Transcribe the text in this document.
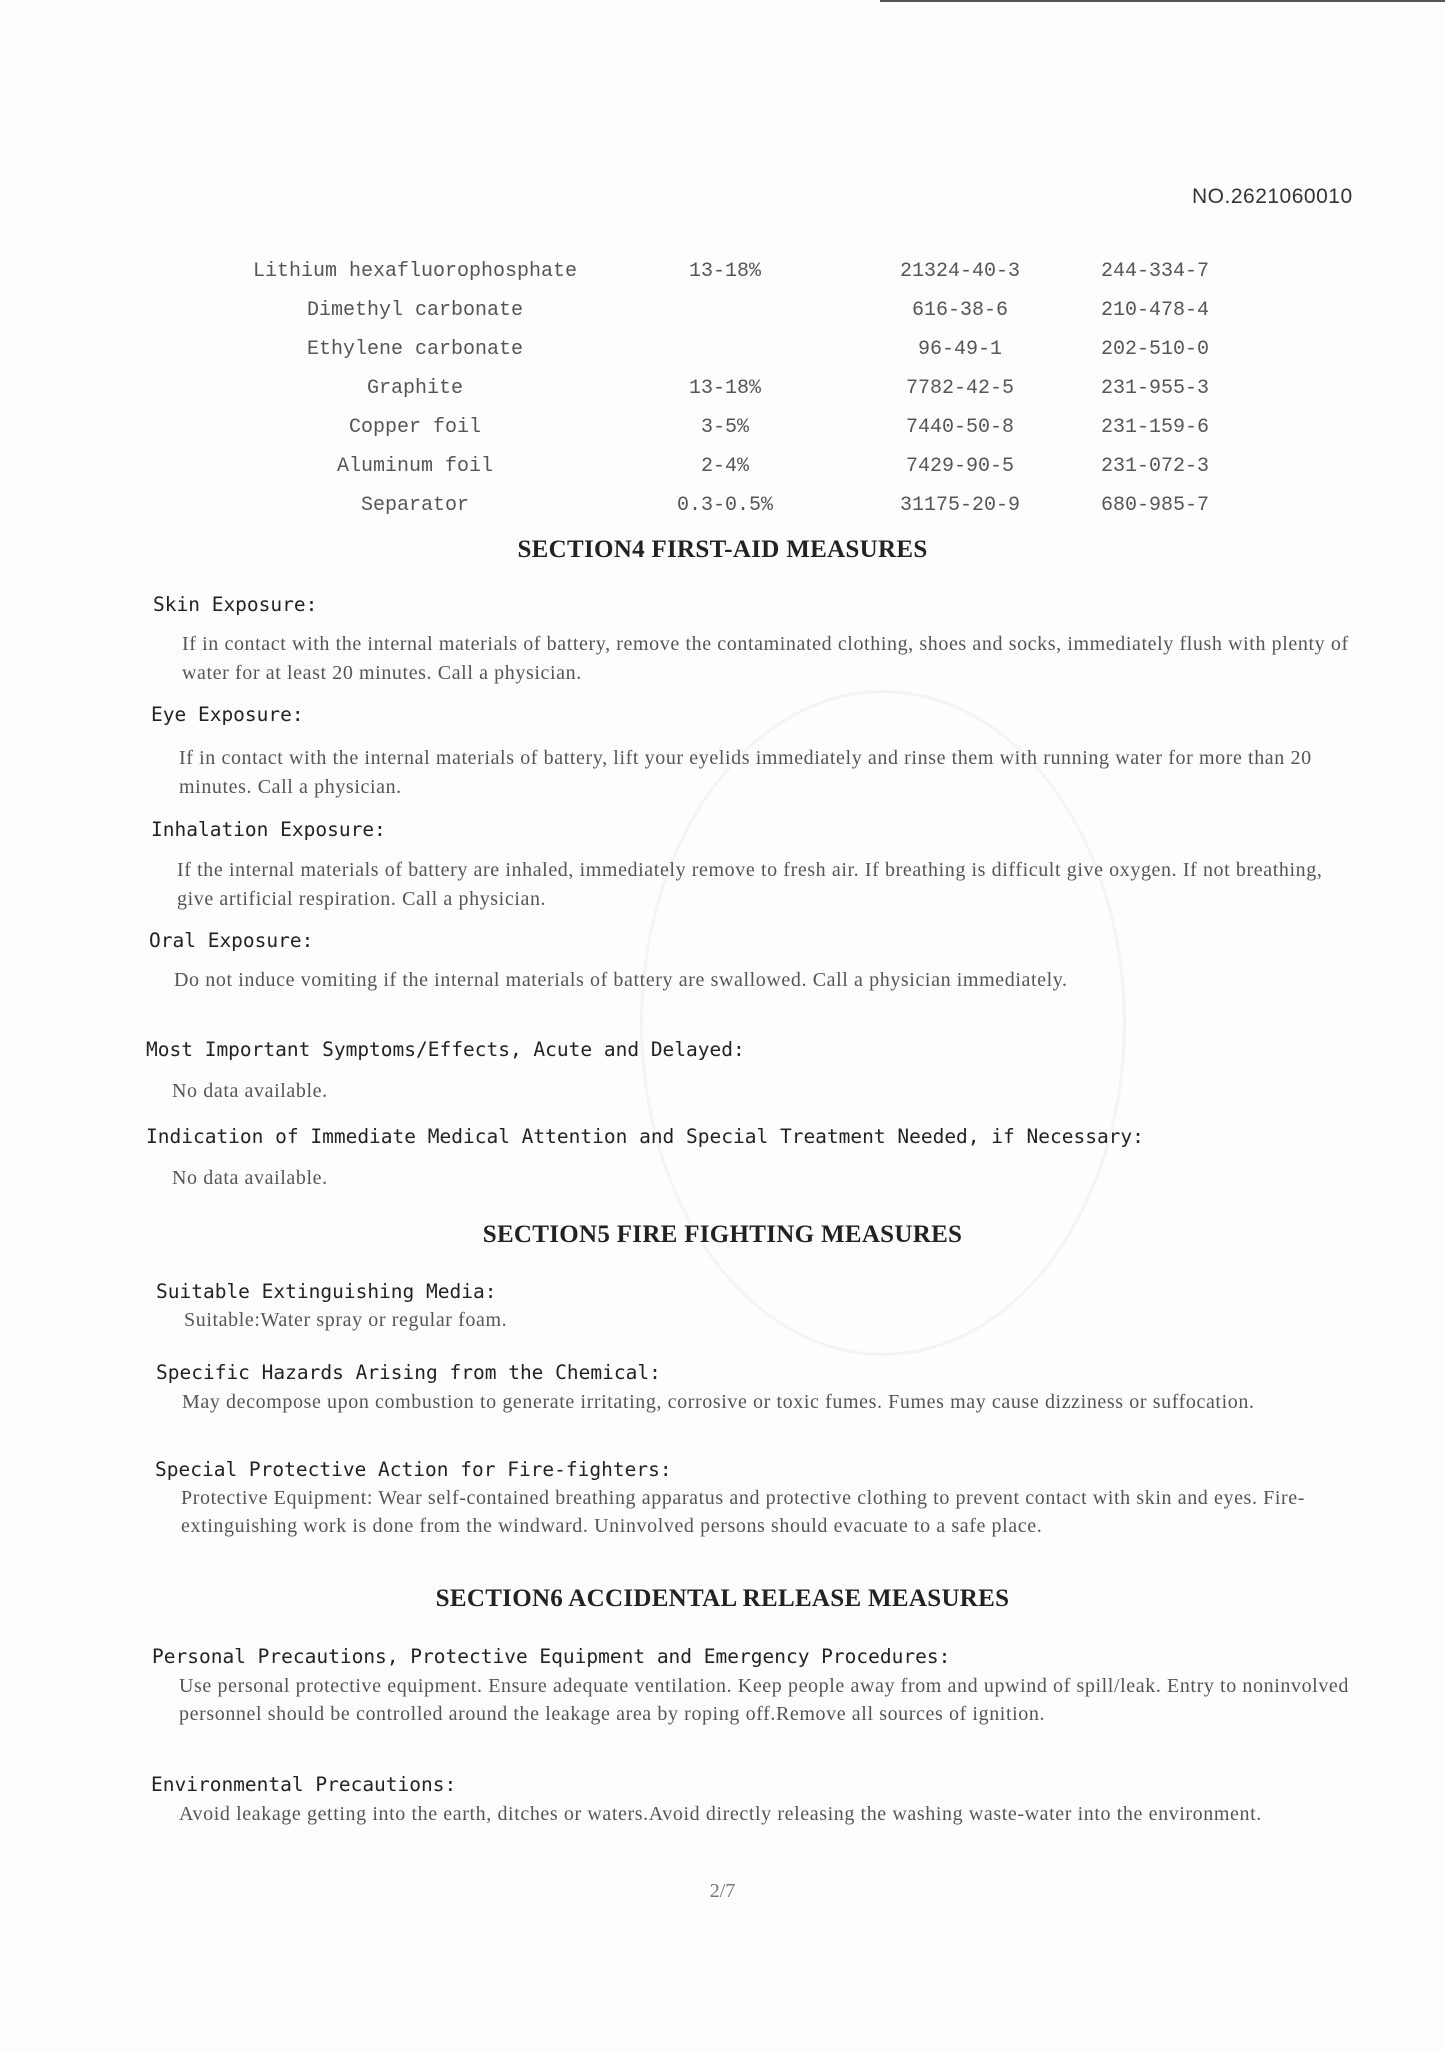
NO.2621060010
Lithium hexafluorophosphate	13-18%	21324-40-3	244-334-7
Dimethyl carbonate		616-38-6	210-478-4
Ethylene carbonate		96-49-1	202-510-0
Graphite	13-18%	7782-42-5	231-955-3
Copper foil	3-5%	7440-50-8	231-159-6
Aluminum foil	2-4%	7429-90-5	231-072-3
Separator	0.3-0.5%	31175-20-9	680-985-7
SECTION4 FIRST-AID MEASURES
Skin Exposure:
If in contact with the internal materials of battery, remove the contaminated clothing, shoes and socks, immediately flush with plenty of water for at least 20 minutes. Call a physician.
Eye Exposure:
If in contact with the internal materials of battery, lift your eyelids immediately and rinse them with running water for more than 20 minutes. Call a physician.
Inhalation Exposure:
If the internal materials of battery are inhaled, immediately remove to fresh air. If breathing is difficult give oxygen. If not breathing, give artificial respiration. Call a physician.
Oral Exposure:
Do not induce vomiting if the internal materials of battery are swallowed. Call a physician immediately.
Most Important Symptoms/Effects, Acute and Delayed:
No data available.
Indication of Immediate Medical Attention and Special Treatment Needed, if Necessary:
No data available.
SECTION5 FIRE FIGHTING MEASURES
Suitable Extinguishing Media:
Suitable:Water spray or regular foam.
Specific Hazards Arising from the Chemical:
May decompose upon combustion to generate irritating, corrosive or toxic fumes. Fumes may cause dizziness or suffocation.
Special Protective Action for Fire-fighters:
Protective Equipment: Wear self-contained breathing apparatus and protective clothing to prevent contact with skin and eyes. Fire-extinguishing work is done from the windward. Uninvolved persons should evacuate to a safe place.
SECTION6 ACCIDENTAL RELEASE MEASURES
Personal Precautions, Protective Equipment and Emergency Procedures:
Use personal protective equipment. Ensure adequate ventilation. Keep people away from and upwind of spill/leak. Entry to noninvolved personnel should be controlled around the leakage area by roping off.Remove all sources of ignition.
Environmental Precautions:
Avoid leakage getting into the earth, ditches or waters.Avoid directly releasing the washing waste-water into the environment.
2/7
